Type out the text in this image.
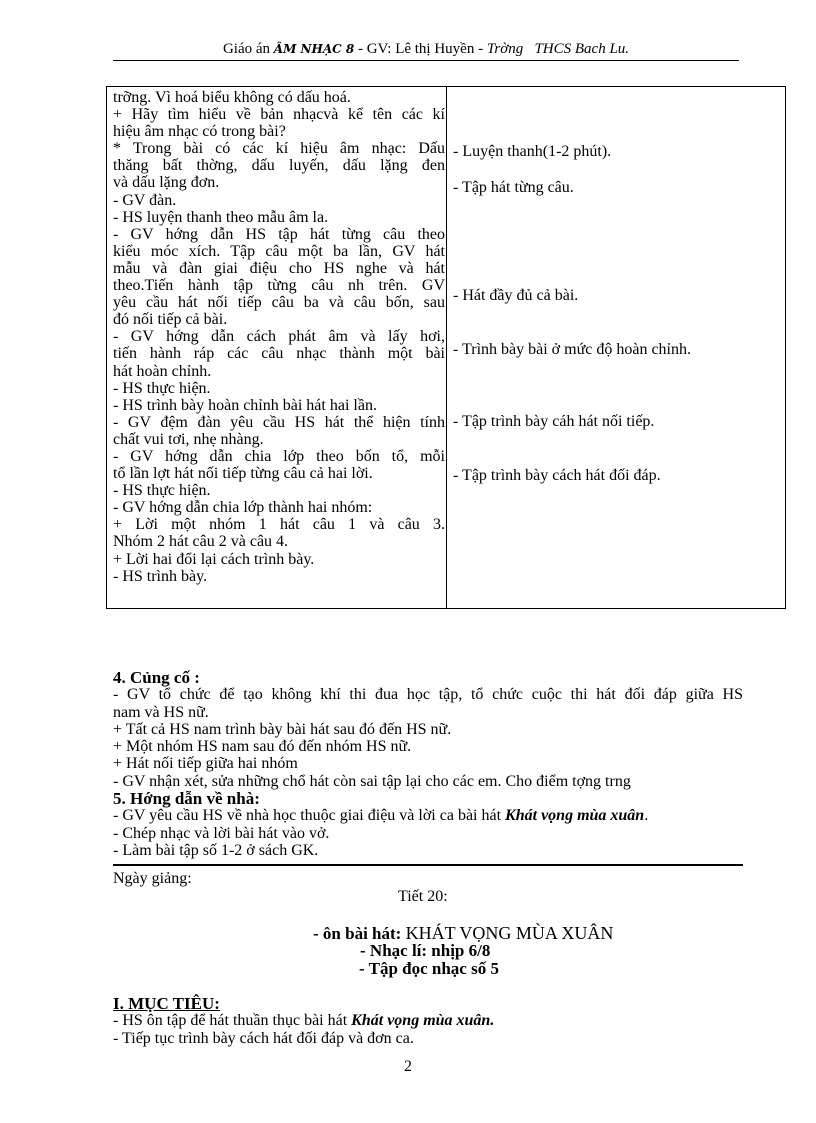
Giáo án ÂM NHẠC 8 - GV: Lê thị Huyền - Trờng THCS Bach Lu.
trỡng. Vì hoá biểu không có dấu hoá.
+ Hãy tìm hiểu về bản nhạcvà kể tên các kí
hiệu âm nhạc có trong bài?
* Trong bài có các kí hiệu âm nhạc: Dấu
thăng bất thờng, dấu luyến, dấu lặng đen
và dấu lặng đơn.
- GV đàn.
- HS luyện thanh theo mẫu âm la.
- GV hớng dẫn HS tập hát từng câu theo
kiểu móc xích. Tập câu một ba lần, GV hát
mẫu và đàn giai điệu cho HS nghe và hát
theo.Tiến hành tập từng câu nh trên. GV
yêu cầu hát nối tiếp câu ba và câu bốn, sau
đó nối tiếp cả bài.
- GV hớng dẫn cách phát âm và lấy hơi,
tiến hành ráp các câu nhạc thành một bài
hát hoàn chỉnh.
- HS thực hiện.
- HS trình bày hoàn chỉnh bài hát hai lần.
- GV đệm đàn yêu cầu HS hát thể hiện tính
chất vui tơi, nhẹ nhàng.
- GV hớng dẫn chia lớp theo bốn tổ, mỗi
tổ lần lợt hát nối tiếp từng câu cả hai lời.
- HS thực hiện.
- GV hớng dẫn chia lớp thành hai nhóm:
+ Lời một nhóm 1 hát câu 1 và câu 3.
Nhóm 2 hát câu 2 và câu 4.
+ Lời hai đổi lại cách trình bày.
- HS trình bày.
- Luyện thanh(1-2 phút).
- Tập hát từng câu.
- Hát đầy đủ cả bài.
- Trình bày bài ở mức độ hoàn chỉnh.
- Tập trình bày cáh hát nối tiếp.
- Tập trình bày cách hát đối đáp.
4. Củng cố :
- GV tổ chức để tạo không khí thi đua học tập, tổ chức cuộc thi hát đối đáp giữa HS
nam và HS nữ.
+ Tất cả HS nam trình bày bài hát sau đó đến HS nữ.
+ Một nhóm HS nam sau đó đến nhóm HS nữ.
+ Hát nối tiếp giữa hai nhóm
- GV nhận xét, sửa những chổ hát còn sai tập lại cho các em. Cho điểm tợng trng
5. Hớng dẫn về nhà:
- GV yêu cầu HS về nhà học thuộc giai điệu và lời ca bài hát Khát vọng mùa xuân.
- Chép nhạc và lời bài hát vào vở.
- Làm bài tập số 1-2 ở sách GK.
Ngày giảng:
Tiết 20:
- ôn bài hát: KHÁT VỌNG MÙA XUÂN
- Nhạc lí: nhịp 6/8
- Tập đọc nhạc số 5
I. MỤC TIÊU:
- HS ôn tập để hát thuần thục bài hát Khát vọng mùa xuân.
- Tiếp tục trình bày cách hát đối đáp và đơn ca.
2
